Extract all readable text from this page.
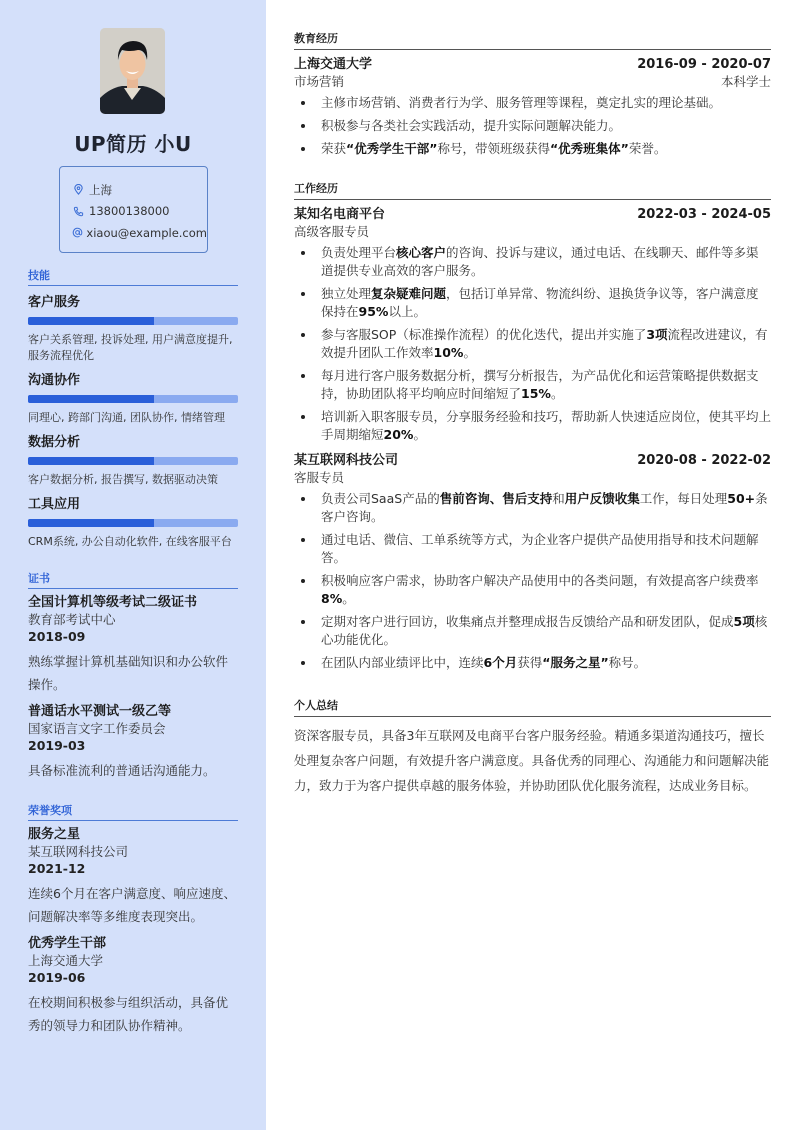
UP简历 小U
上海
13800138000
xiaou@example.com
技能
客户服务
客户关系管理, 投诉处理, 用户满意度提升, 服务流程优化
沟通协作
同理心, 跨部门沟通, 团队协作, 情绪管理
数据分析
客户数据分析, 报告撰写, 数据驱动决策
工具应用
CRM系统, 办公自动化软件, 在线客服平台
证书
全国计算机等级考试二级证书
教育部考试中心
2018-09
熟练掌握计算机基础知识和办公软件操作。
普通话水平测试一级乙等
国家语言文字工作委员会
2019-03
具备标准流利的普通话沟通能力。
荣誉奖项
服务之星
某互联网科技公司
2021-12
连续6个月在客户满意度、响应速度、问题解决率等多维度表现突出。
优秀学生干部
上海交通大学
2019-06
在校期间积极参与组织活动，具备优秀的领导力和团队协作精神。
教育经历
上海交通大学	2016-09 - 2020-07
市场营销	本科学士
主修市场营销、消费者行为学、服务管理等课程，奠定扎实的理论基础。
积极参与各类社会实践活动，提升实际问题解决能力。
荣获“优秀学生干部”称号，带领班级获得“优秀班集体”荣誉。
工作经历
某知名电商平台	2022-03 - 2024-05
高级客服专员
负责处理平台核心客户的咨询、投诉与建议，通过电话、在线聊天、邮件等多渠道提供专业高效的客户服务。
独立处理复杂疑难问题，包括订单异常、物流纠纷、退换货争议等，客户满意度保持在95%以上。
参与客服SOP（标准操作流程）的优化迭代，提出并实施了3项流程改进建议，有效提升团队工作效率10%。
每月进行客户服务数据分析，撰写分析报告，为产品优化和运营策略提供数据支持，协助团队将平均响应时间缩短了15%。
培训新入职客服专员，分享服务经验和技巧，帮助新人快速适应岗位，使其平均上手周期缩短20%。
某互联网科技公司	2020-08 - 2022-02
客服专员
负责公司SaaS产品的售前咨询、售后支持和用户反馈收集工作，每日处理50+条客户咨询。
通过电话、微信、工单系统等方式，为企业客户提供产品使用指导和技术问题解答。
积极响应客户需求，协助客户解决产品使用中的各类问题，有效提高客户续费率8%。
定期对客户进行回访，收集痛点并整理成报告反馈给产品和研发团队，促成5项核心功能优化。
在团队内部业绩评比中，连续6个月获得“服务之星”称号。
个人总结

资深客服专员，具备3年互联网及电商平台客户服务经验。精通多渠道沟通技巧，擅长处理复杂客户问题，有效提升客户满意度。具备优秀的同理心、沟通能力和问题解决能力，致力于为客户提供卓越的服务体验，并协助团队优化服务流程，达成业务目标。
